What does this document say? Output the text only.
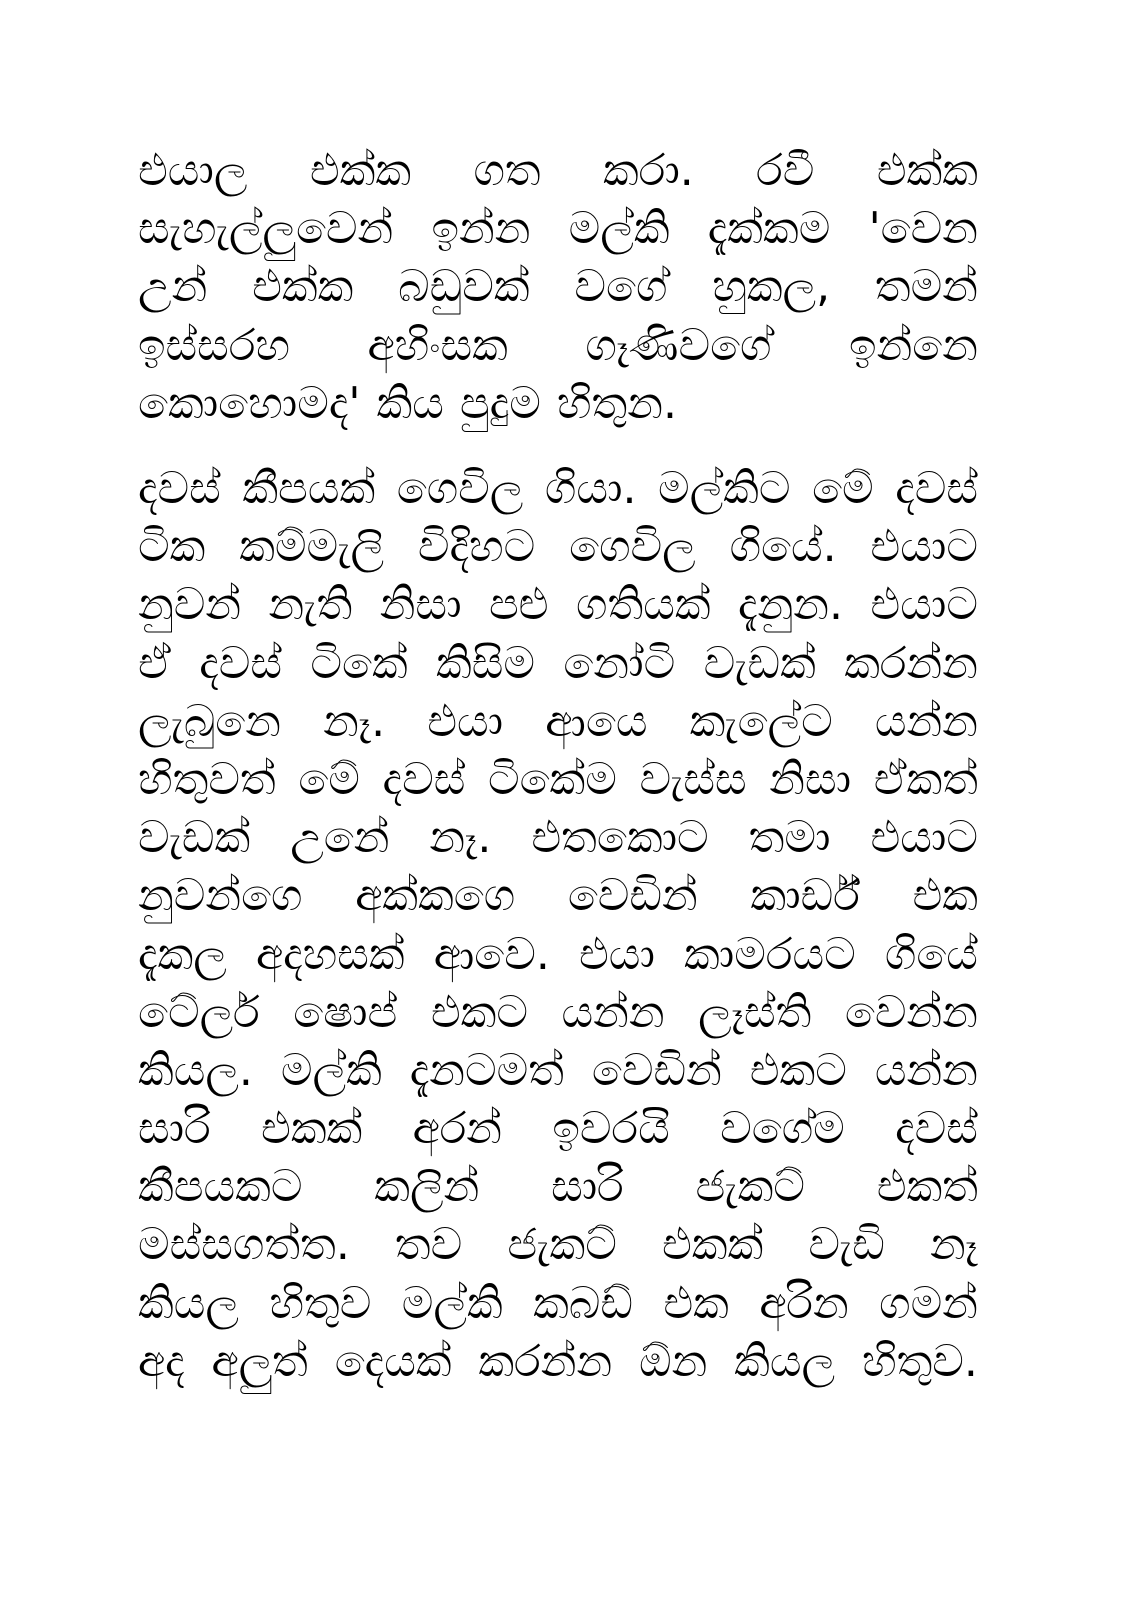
එයාල එක්ක ගත කරා. රවී එක්ක
සැහැල්ලුවෙන් ඉන්න මල්කි දැක්කම 'වෙන
උන් එක්ක බඩුවක් වගේ හුකල, තමන්
ඉස්සරහ අහිංසක ගෑණිවගේ ඉන්නෙ
කොහොමද' කිය පුදුම හිතුන.
දවස් කීපයක් ගෙවිල ගියා. මල්කිට මේ දවස්
ටික කම්මැලි විදිහට ගෙවිල ගියේ. එයාට
නුවන් නැති නිසා පළු ගතියක් දැනුන. එයාට
ඒ දවස් ටිකේ කිසිම නෝටි වැඩක් කරන්න
ලැබුනෙ නෑ. එයා ආයෙ කැලේට යන්න
හිතුවත් මේ දවස් ටිකේම වැස්ස නිසා ඒකත්
වැඩක් උනේ නෑ. එතකොට තමා එයාට
නුවන්ගෙ අක්කගෙ වෙඩින් කාර්ඩ් එක
දැකල අදහසක් ආවෙ. එයා කාමරයට ගියේ
ටේලර් ෂොප් එකට යන්න ලෑස්ති වෙන්න
කියල. මල්කි දැනටමත් වෙඩින් එකට යන්න
සාරි එකක් අරන් ඉවරයි වගේම දවස්
කීපයකට කලින් සාරි ජැකට් එකත්
මස්සගත්ත. තව ජැකට් එකක් වැඩි නෑ
කියල හිතුව මල්කි කබඩ් එක අරින ගමන්
අද අලුත් දෙයක් කරන්න ඕන කියල හිතුව.
